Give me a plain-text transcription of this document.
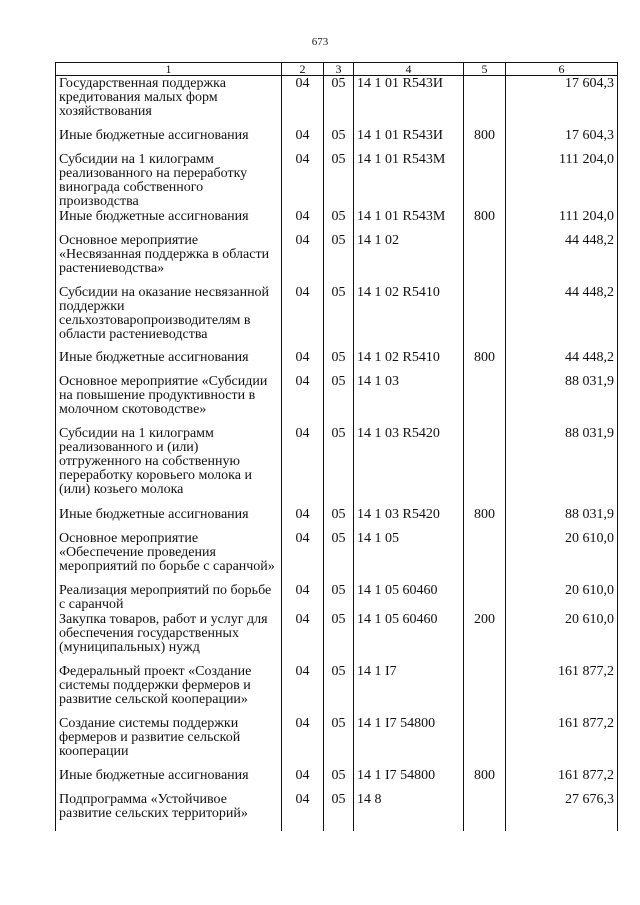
673
1	2	3	4	5	6
Государственная поддержка кредитования малых форм хозяйствования	04	05	14 1 01 R543И		17 604,3
Иные бюджетные ассигнования	04	05	14 1 01 R543И	800	17 604,3
Субсидии на 1 килограмм реализованного на переработку винограда собственного производства	04	05	14 1 01 R543M		111 204,0
Иные бюджетные ассигнования	04	05	14 1 01 R543M	800	111 204,0
Основное мероприятие «Несвязанная поддержка в области растениеводства»	04	05	14 1 02		44 448,2
Субсидии на оказание несвязанной поддержки сельхозтоваропроизводителям в области растениеводства	04	05	14 1 02 R5410		44 448,2
Иные бюджетные ассигнования	04	05	14 1 02 R5410	800	44 448,2
Основное мероприятие «Субсидии на повышение продуктивности в молочном скотоводстве»	04	05	14 1 03		88 031,9
Субсидии на 1 килограмм реализованного и (или) отгруженного на собственную переработку коровьего молока и (или) козьего молока	04	05	14 1 03 R5420		88 031,9
Иные бюджетные ассигнования	04	05	14 1 03 R5420	800	88 031,9
Основное мероприятие «Обеспечение проведения мероприятий по борьбе с саранчой»	04	05	14 1 05		20 610,0
Реализация мероприятий по борьбе с саранчой	04	05	14 1 05 60460		20 610,0
Закупка товаров, работ и услуг для обеспечения государственных (муниципальных) нужд	04	05	14 1 05 60460	200	20 610,0
Федеральный проект «Создание системы поддержки фермеров и развитие сельской кооперации»	04	05	14 1 I7		161 877,2
Создание системы поддержки фермеров и развитие сельской кооперации	04	05	14 1 I7 54800		161 877,2
Иные бюджетные ассигнования	04	05	14 1 I7 54800	800	161 877,2
Подпрограмма «Устойчивое развитие сельских территорий»	04	05	14 8		27 676,3
